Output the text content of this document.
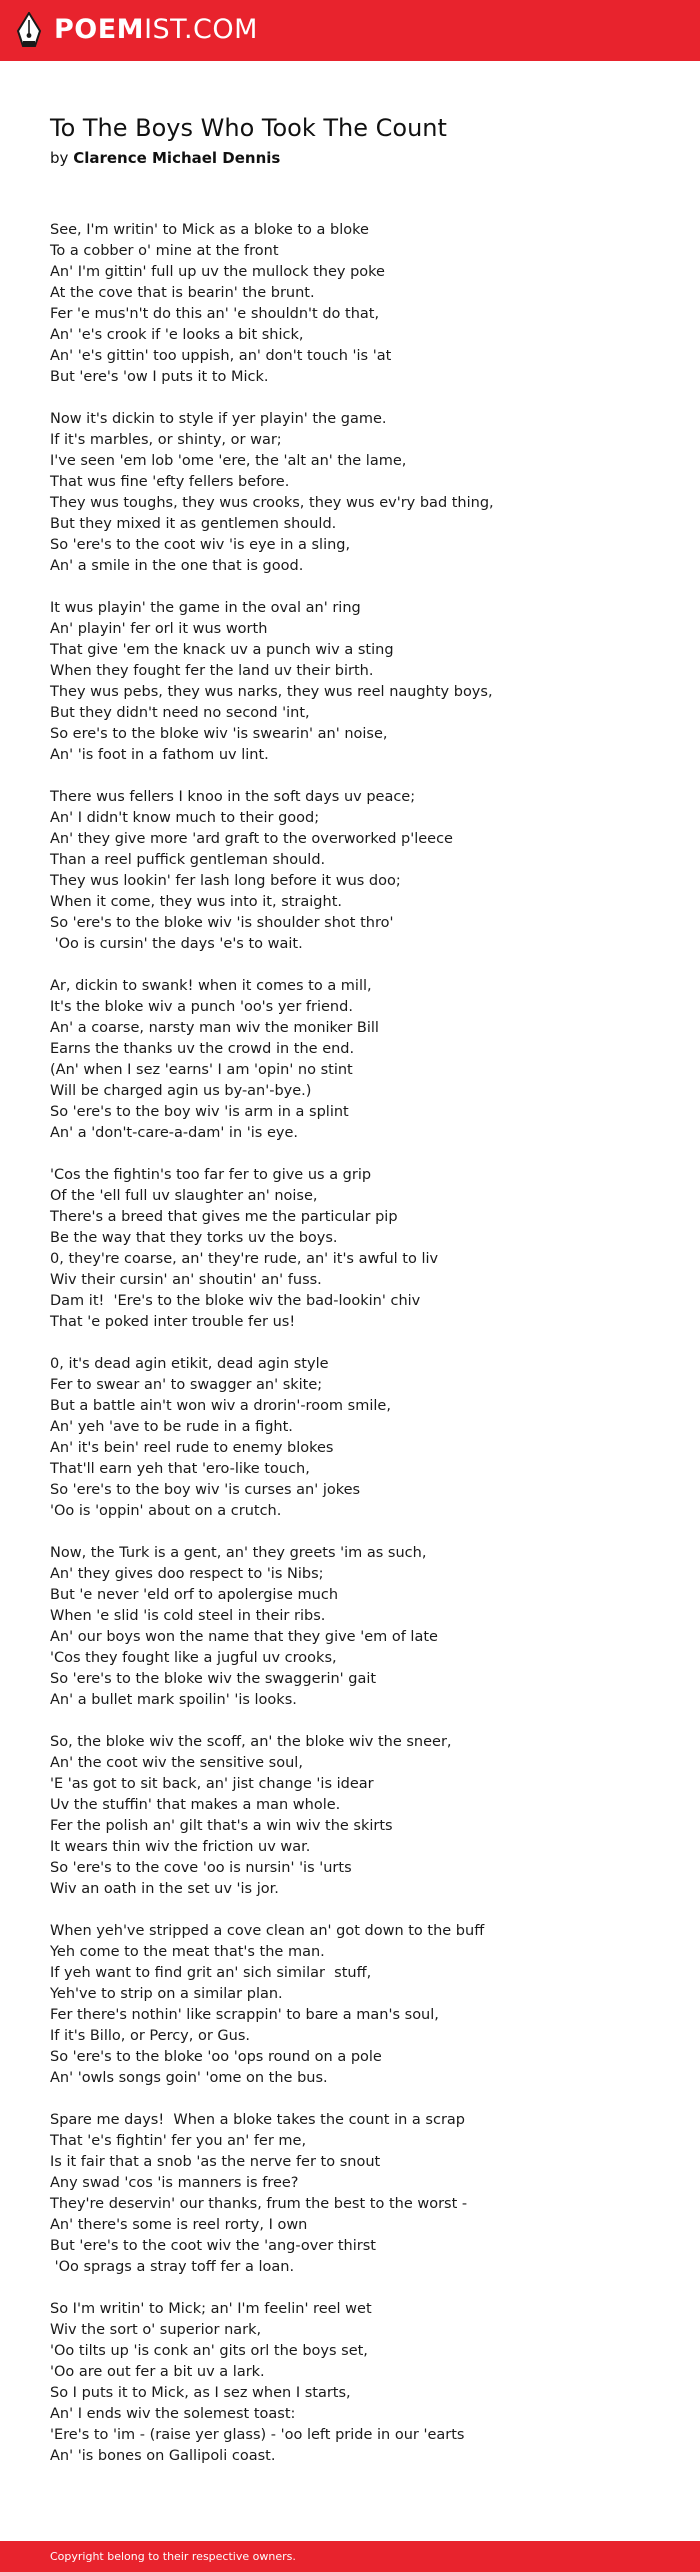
POEMIST.COM
To The Boys Who Took The Count
by Clarence Michael Dennis
See, I'm writin' to Mick as a bloke to a bloke
To a cobber o' mine at the front
An' I'm gittin' full up uv the mullock they poke
At the cove that is bearin' the brunt.
Fer 'e mus'n't do this an' 'e shouldn't do that,
An' 'e's crook if 'e looks a bit shick,
An' 'e's gittin' too uppish, an' don't touch 'is 'at
But 'ere's 'ow I puts it to Mick.
Now it's dickin to style if yer playin' the game.
If it's marbles, or shinty, or war;
I've seen 'em lob 'ome 'ere, the 'alt an' the lame,
That wus fine 'efty fellers before.
They wus toughs, they wus crooks, they wus ev'ry bad thing,
But they mixed it as gentlemen should.
So 'ere's to the coot wiv 'is eye in a sling,
An' a smile in the one that is good.
It wus playin' the game in the oval an' ring
An' playin' fer orl it wus worth
That give 'em the knack uv a punch wiv a sting
When they fought fer the land uv their birth.
They wus pebs, they wus narks, they wus reel naughty boys,
But they didn't need no second 'int,
So ere's to the bloke wiv 'is swearin' an' noise,
An' 'is foot in a fathom uv lint.
There wus fellers I knoo in the soft days uv peace;
An' I didn't know much to their good;
An' they give more 'ard graft to the overworked p'leece
Than a reel puffick gentleman should.
They wus lookin' fer lash long before it wus doo;
When it come, they wus into it, straight.
So 'ere's to the bloke wiv 'is shoulder shot thro'
'Oo is cursin' the days 'e's to wait.
Ar, dickin to swank! when it comes to a mill,
It's the bloke wiv a punch 'oo's yer friend.
An' a coarse, narsty man wiv the moniker Bill
Earns the thanks uv the crowd in the end.
(An' when I sez 'earns' I am 'opin' no stint
Will be charged agin us by-an'-bye.)
So 'ere's to the boy wiv 'is arm in a splint
An' a 'don't-care-a-dam' in 'is eye.
'Cos the fightin's too far fer to give us a grip
Of the 'ell full uv slaughter an' noise,
There's a breed that gives me the particular pip
Be the way that they torks uv the boys.
0, they're coarse, an' they're rude, an' it's awful to liv
Wiv their cursin' an' shoutin' an' fuss.
Dam it!  'Ere's to the bloke wiv the bad-lookin' chiv
That 'e poked inter trouble fer us!
0, it's dead agin etikit, dead agin style
Fer to swear an' to swagger an' skite;
But a battle ain't won wiv a drorin'-room smile,
An' yeh 'ave to be rude in a fight.
An' it's bein' reel rude to enemy blokes
That'll earn yeh that 'ero-like touch,
So 'ere's to the boy wiv 'is curses an' jokes
'Oo is 'oppin' about on a crutch.
Now, the Turk is a gent, an' they greets 'im as such,
An' they gives doo respect to 'is Nibs;
But 'e never 'eld orf to apolergise much
When 'e slid 'is cold steel in their ribs.
An' our boys won the name that they give 'em of late
'Cos they fought like a jugful uv crooks,
So 'ere's to the bloke wiv the swaggerin' gait
An' a bullet mark spoilin' 'is looks.
So, the bloke wiv the scoff, an' the bloke wiv the sneer,
An' the coot wiv the sensitive soul,
'E 'as got to sit back, an' jist change 'is idear
Uv the stuffin' that makes a man whole.
Fer the polish an' gilt that's a win wiv the skirts
It wears thin wiv the friction uv war.
So 'ere's to the cove 'oo is nursin' 'is 'urts
Wiv an oath in the set uv 'is jor.
When yeh've stripped a cove clean an' got down to the buff
Yeh come to the meat that's the man.
If yeh want to find grit an' sich similar  stuff,
Yeh've to strip on a similar plan.
Fer there's nothin' like scrappin' to bare a man's soul,
If it's Billo, or Percy, or Gus.
So 'ere's to the bloke 'oo 'ops round on a pole
An' 'owls songs goin' 'ome on the bus.
Spare me days!  When a bloke takes the count in a scrap
That 'e's fightin' fer you an' fer me,
Is it fair that a snob 'as the nerve fer to snout
Any swad 'cos 'is manners is free?
They're deservin' our thanks, frum the best to the worst -
An' there's some is reel rorty, I own
But 'ere's to the coot wiv the 'ang-over thirst
'Oo sprags a stray toff fer a loan.
So I'm writin' to Mick; an' I'm feelin' reel wet
Wiv the sort o' superior nark,
'Oo tilts up 'is conk an' gits orl the boys set,
'Oo are out fer a bit uv a lark.
So I puts it to Mick, as I sez when I starts,
An' I ends wiv the solemest toast:
'Ere's to 'im - (raise yer glass) - 'oo left pride in our 'earts
An' 'is bones on Gallipoli coast.
Copyright belong to their respective owners.
